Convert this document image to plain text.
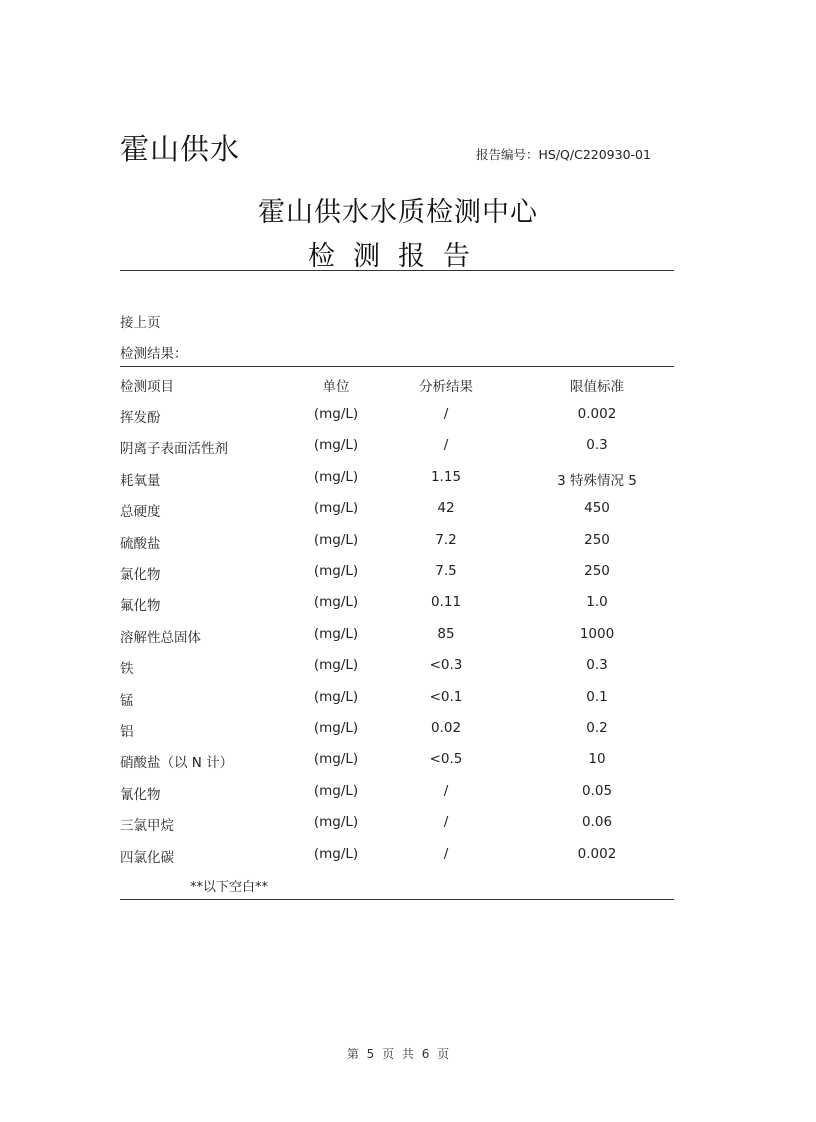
霍山供水	报告编号：HS/Q/C220930-01
霍山供水水质检测中心
检测报告
接上页
检测结果：
检测项目	单位	分析结果	限值标准
挥发酚	(mg/L)	/	0.002
阴离子表面活性剂	(mg/L)	/	0.3
耗氧量	(mg/L)	1.15	3 特殊情况 5
总硬度	(mg/L)	42	450
硫酸盐	(mg/L)	7.2	250
氯化物	(mg/L)	7.5	250
氟化物	(mg/L)	0.11	1.0
溶解性总固体	(mg/L)	85	1000
铁	(mg/L)	<0.3	0.3
锰	(mg/L)	<0.1	0.1
铝	(mg/L)	0.02	0.2
硝酸盐（以 N 计）	(mg/L)	<0.5	10
氰化物	(mg/L)	/	0.05
三氯甲烷	(mg/L)	/	0.06
四氯化碳	(mg/L)	/	0.002
**以下空白**
第 5 页 共 6 页
